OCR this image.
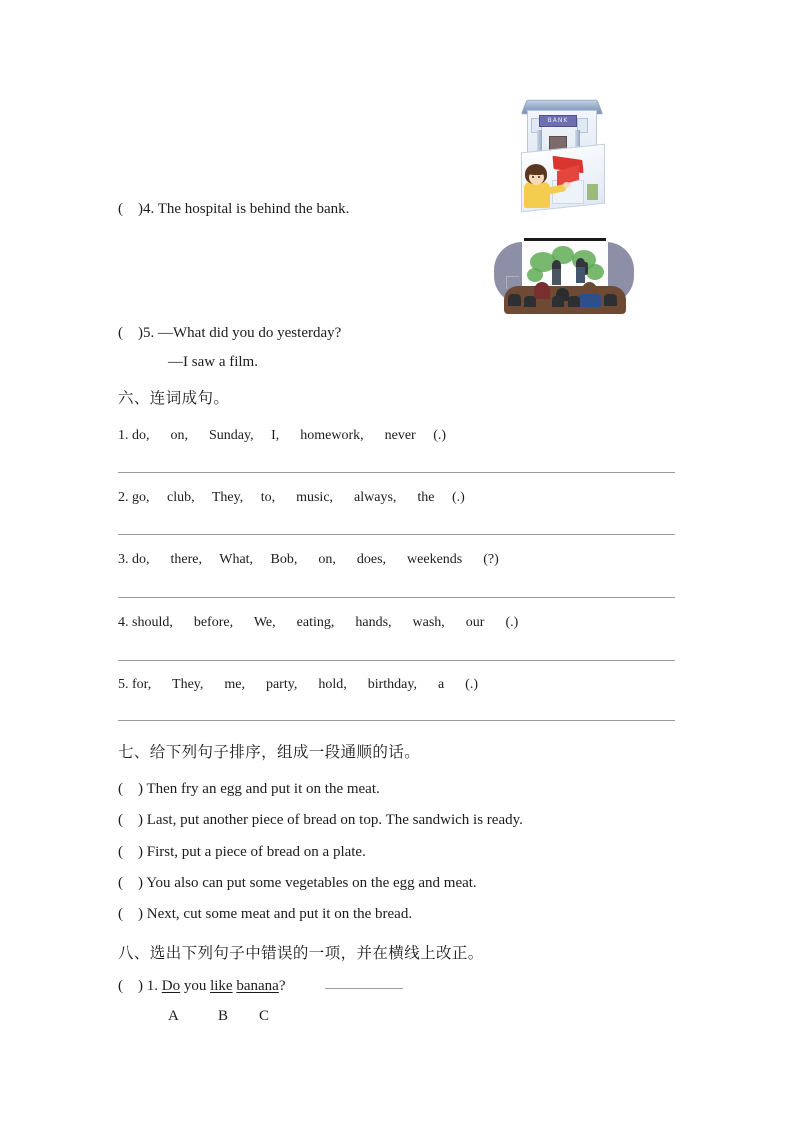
BANK
(    )4. The hospital is behind the bank.
(    )5. —What did you do yesterday?
—I saw a film.
六、连词成句。
1. do,      on,      Sunday,     I,      homework,      never     (.)
2. go,     club,     They,     to,      music,      always,      the     (.)
3. do,      there,     What,     Bob,      on,      does,      weekends      (?)
4. should,      before,      We,      eating,      hands,      wash,      our      (.)
5. for,      They,      me,      party,      hold,      birthday,      a      (.)
七、给下列句子排序，组成一段通顺的话。
(    ) Then fry an egg and put it on the meat.
(    ) Last, put another piece of bread on top. The sandwich is ready.
(    ) First, put a piece of bread on a plate.
(    ) You also can put some vegetables on the egg and meat.
(    ) Next, cut some meat and put it on the bread.
八、选出下列句子中错误的一项，并在横线上改正。
(    ) 1. Do you like banana?
A	B C
